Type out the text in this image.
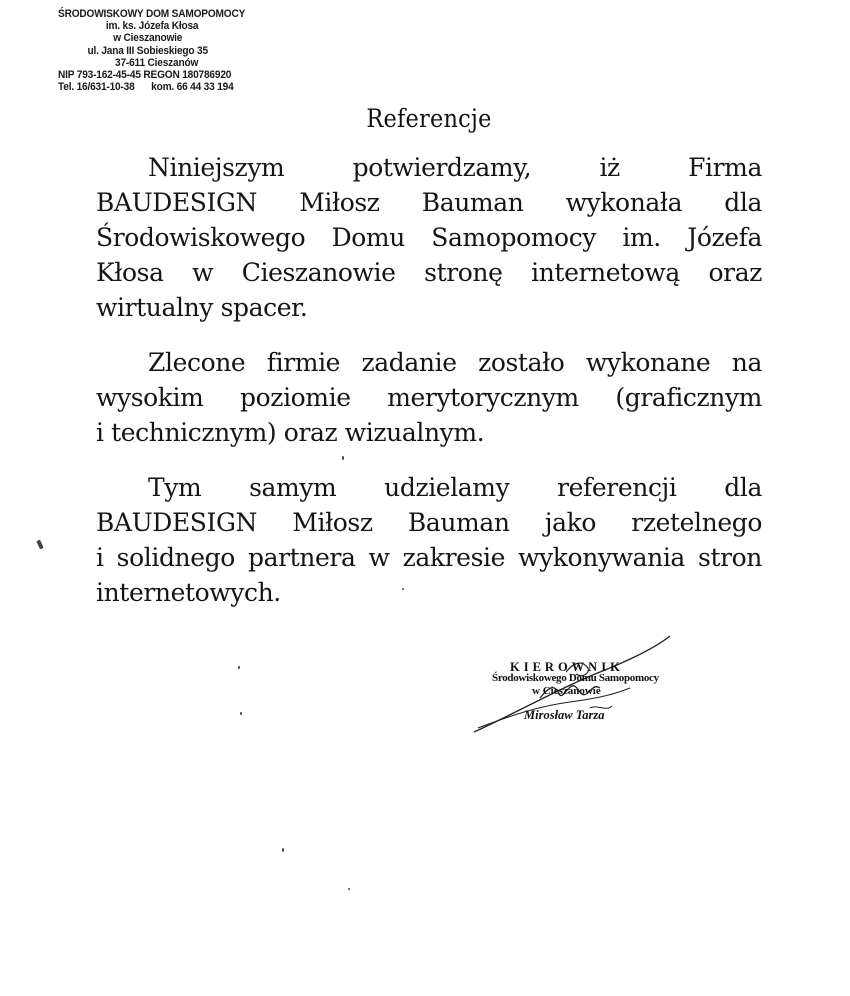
ŚRODOWISKOWY DOM SAMOPOMOCY
im. ks. Józefa Kłosa
w Cieszanowie
ul. Jana III Sobieskiego 35
37-611 Cieszanów
NIP 793-162-45-45 REGON 180786920
Tel. 16/631-10-38 kom. 66 44 33 194
Referencje
Niniejszym potwierdzamy, iż Firma
BAUDESIGN Miłosz Bauman wykonała dla
Środowiskowego Domu Samopomocy im. Józefa
Kłosa w Cieszanowie stronę internetową oraz
wirtualny spacer.
Zlecone firmie zadanie zostało wykonane na
wysokim poziomie merytorycznym (graficznym
i technicznym) oraz wizualnym.
Tym samym udzielamy referencji dla
BAUDESIGN Miłosz Bauman jako rzetelnego
i solidnego partnera w zakresie wykonywania stron
internetowych.
KIEROWNIK
Środowiskowego Domu Samopomocy
w Cieszanowie
Mirosław Tarza
